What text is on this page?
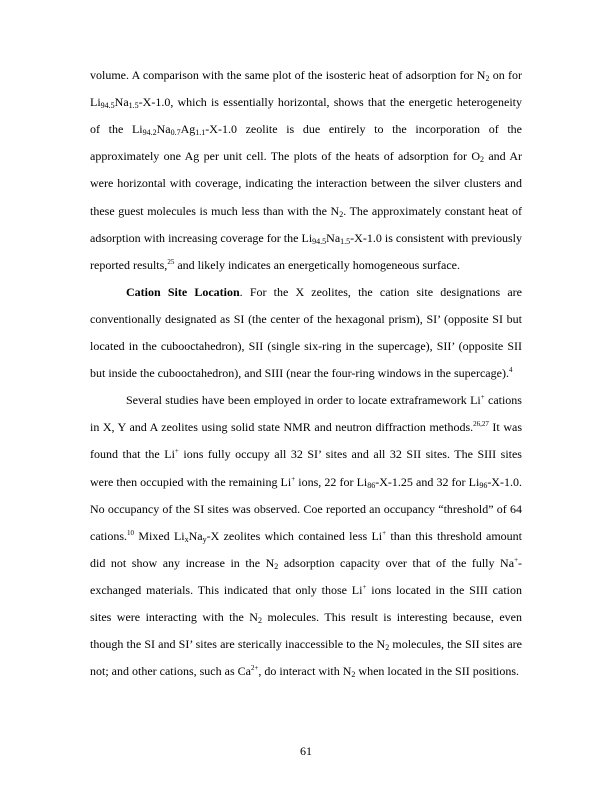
volume. A comparison with the same plot of the isosteric heat of adsorption for $N_2$ on for
$Li_{94.5}Na_{1.5}-X-1.0$, which is essentially horizontal, shows that the energetic heterogeneity
of the $Li_{94.2}Na_{0.7}Ag_{1.1}-X-1.0$ zeolite is due entirely to the incorporation of the
approximately one Ag per unit cell. The plots of the heats of adsorption for $O_2$ and Ar
were horizontal with coverage, indicating the interaction between the silver clusters and
these guest molecules is much less than with the $N_2$. The approximately constant heat of
adsorption with increasing coverage for the $Li_{94.5}Na_{1.5}-X-1.0$ is consistent with previously
reported results,$^{25}$ and likely indicates an energetically homogeneous surface.
Cation Site Location. For the X zeolites, the cation site designations are
conventionally designated as SI (the center of the hexagonal prism), SI’ (opposite SI but
located in the cubooctahedron), SII (single six-ring in the supercage), SII’ (opposite SII
but inside the cubooctahedron), and SIII (near the four-ring windows in the supercage).$^4$
Several studies have been employed in order to locate extraframework Li+ cations
in X, Y and A zeolites using solid state NMR and neutron diffraction methods.$^{26,27}$ It was
found that the Li+ ions fully occupy all 32 SI’ sites and all 32 SII sites. The SIII sites
were then occupied with the remaining Li+ ions, 22 for $Li_{86}-X-1.25$ and 32 for $Li_{96}-X-1.0$.
No occupancy of the SI sites was observed. Coe reported an occupancy “threshold” of 64
cations.$^{10}$ Mixed $Li_xNa_y-X$ zeolites which contained less Li+ than this threshold amount
did not show any increase in the $N_2$ adsorption capacity over that of the fully Na+-
exchanged materials. This indicated that only those Li+ ions located in the SIII cation
sites were interacting with the $N_2$ molecules. This result is interesting because, even
though the SI and SI’ sites are sterically inaccessible to the $N_2$ molecules, the SII sites are
not; and other cations, such as $Ca^{2+}$, do interact with $N_2$ when located in the SII positions.
61
